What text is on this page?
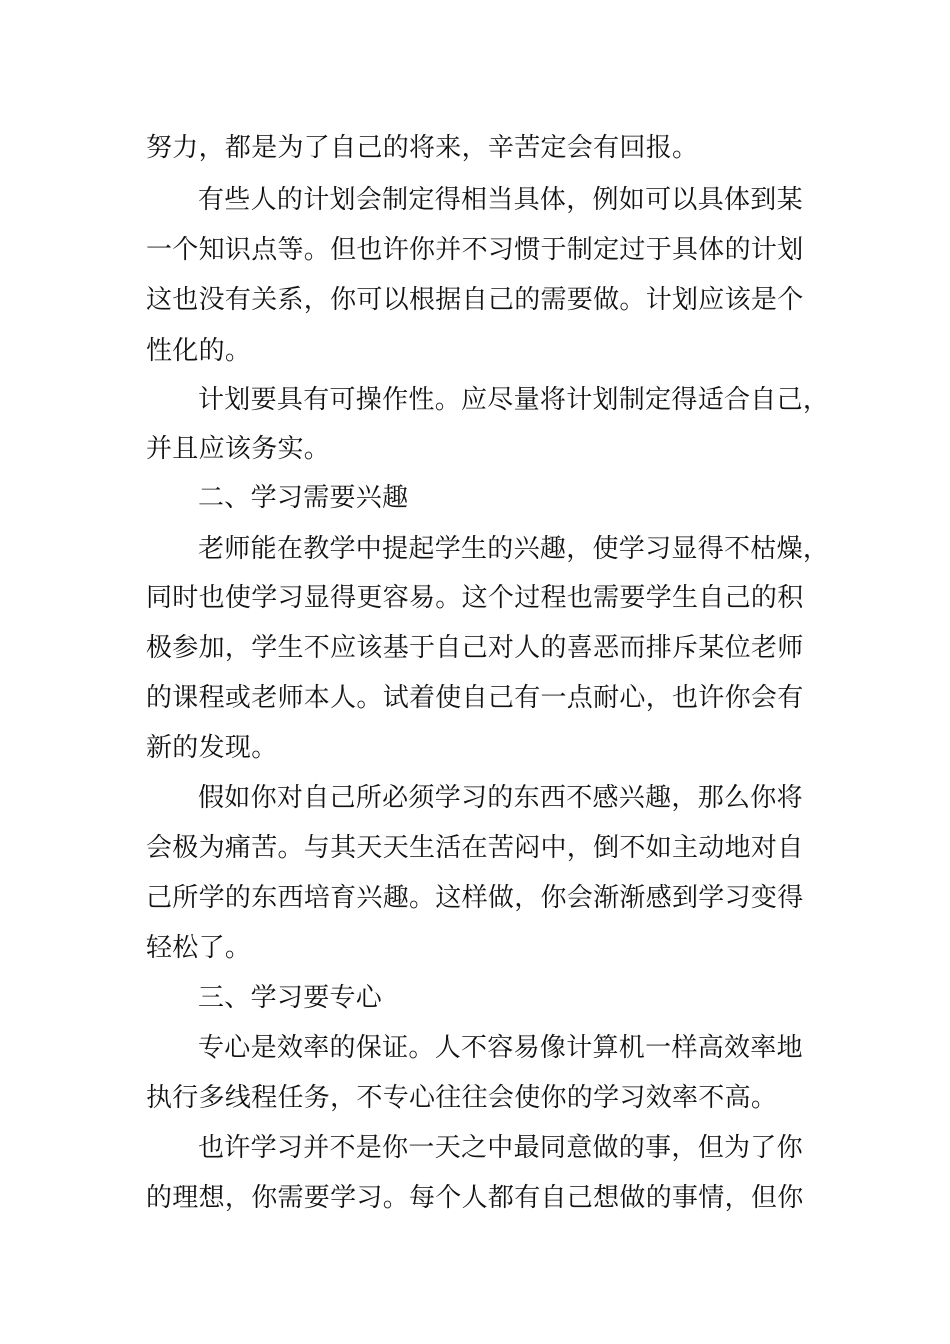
努力，都是为了自己的将来，辛苦定会有回报。
有些人的计划会制定得相当具体，例如可以具体到某
一个知识点等。但也许你并不习惯于制定过于具体的计划
这也没有关系，你可以根据自己的需要做。计划应该是个
性化的。
计划要具有可操作性。应尽量将计划制定得适合自己，
并且应该务实。
二、学习需要兴趣
老师能在教学中提起学生的兴趣，使学习显得不枯燥，
同时也使学习显得更容易。这个过程也需要学生自己的积
极参加，学生不应该基于自己对人的喜恶而排斥某位老师
的课程或老师本人。试着使自己有一点耐心，也许你会有
新的发现。
假如你对自己所必须学习的东西不感兴趣，那么你将
会极为痛苦。与其天天生活在苦闷中，倒不如主动地对自
己所学的东西培育兴趣。这样做，你会渐渐感到学习变得
轻松了。
三、学习要专心
专心是效率的保证。人不容易像计算机一样高效率地
执行多线程任务，不专心往往会使你的学习效率不高。
也许学习并不是你一天之中最同意做的事，但为了你
的理想，你需要学习。每个人都有自己想做的事情，但你
